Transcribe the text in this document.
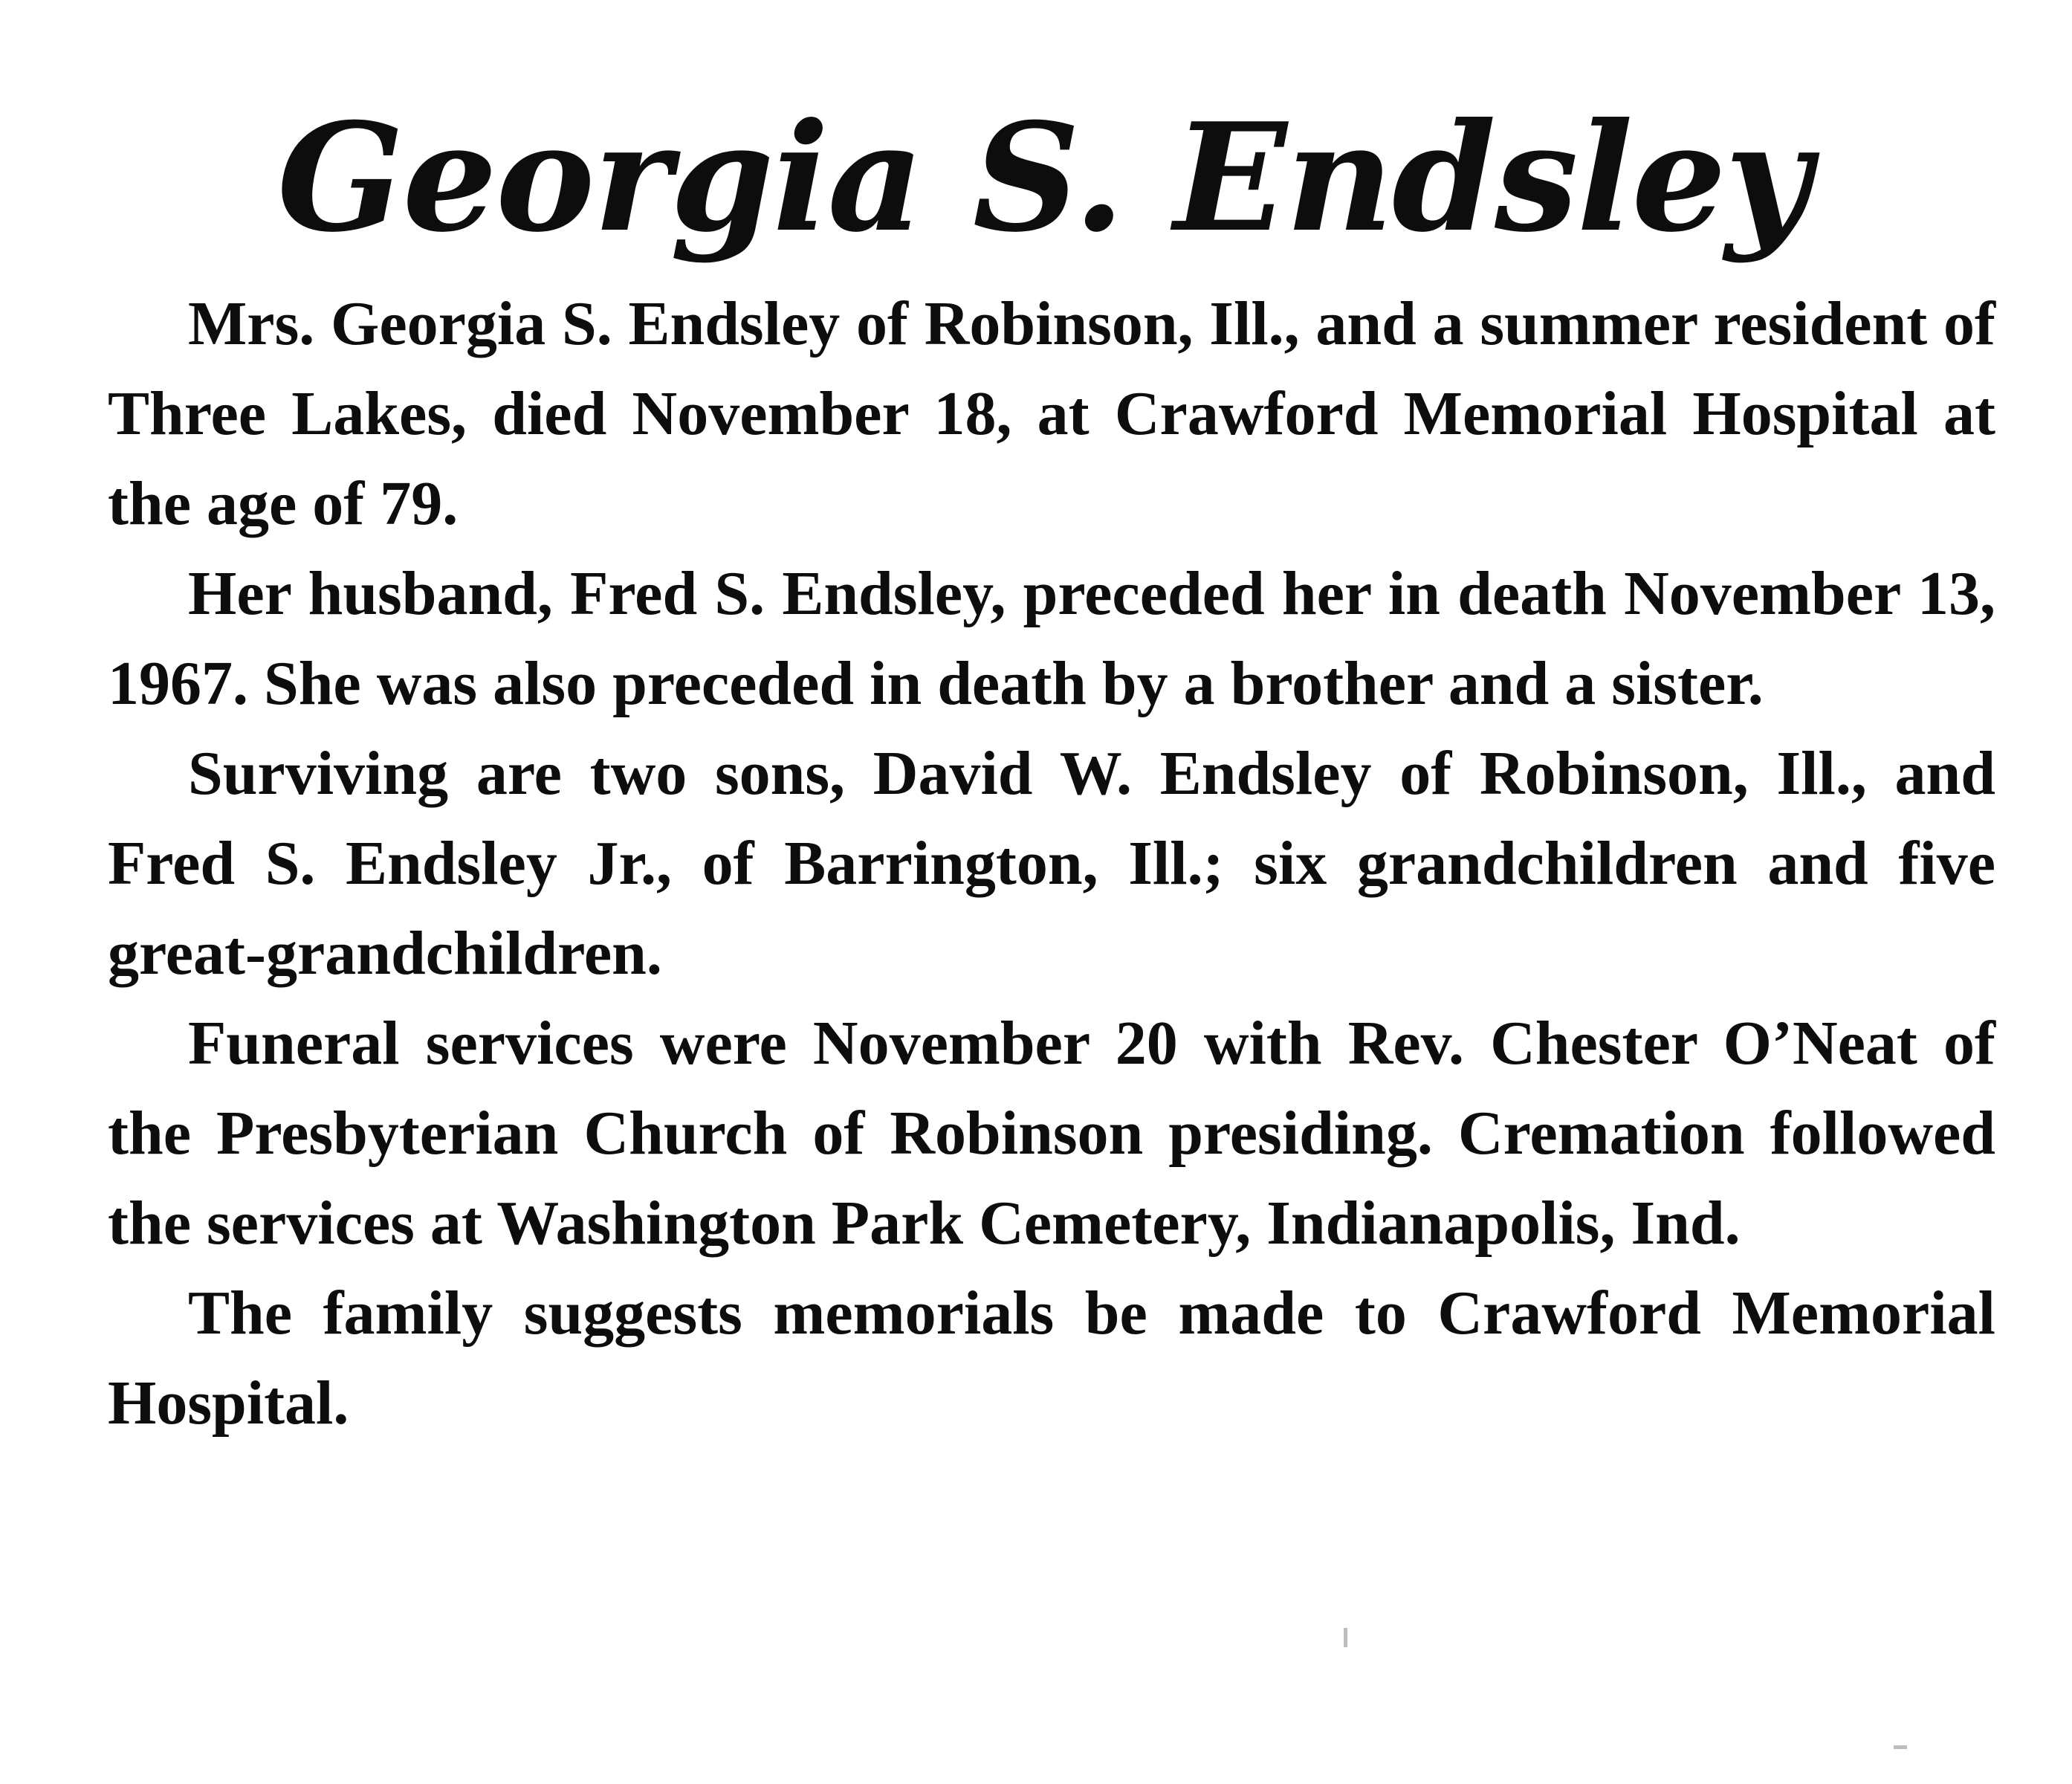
Georgia S. Endsley

Mrs. Georgia S. Endsley of Robinson, Ill., and a summer resident of Three Lakes, died November 18, at Crawford Memorial Hospital at the age of 79.

Her husband, Fred S. Endsley, preceded her in death November 13, 1967. She was also preceded in death by a brother and a sister.

Surviving are two sons, David W. Endsley of Robinson, Ill., and Fred S. Endsley Jr., of Barrington, Ill.; six grandchildren and five great-grandchildren.

Funeral services were November 20 with Rev. Chester O’Neat of the Presbyterian Church of Robinson presiding. Cremation followed the services at Washington Park Cemetery, Indianapolis, Ind.

The family suggests memorials be made to Crawford Memorial Hospital.
